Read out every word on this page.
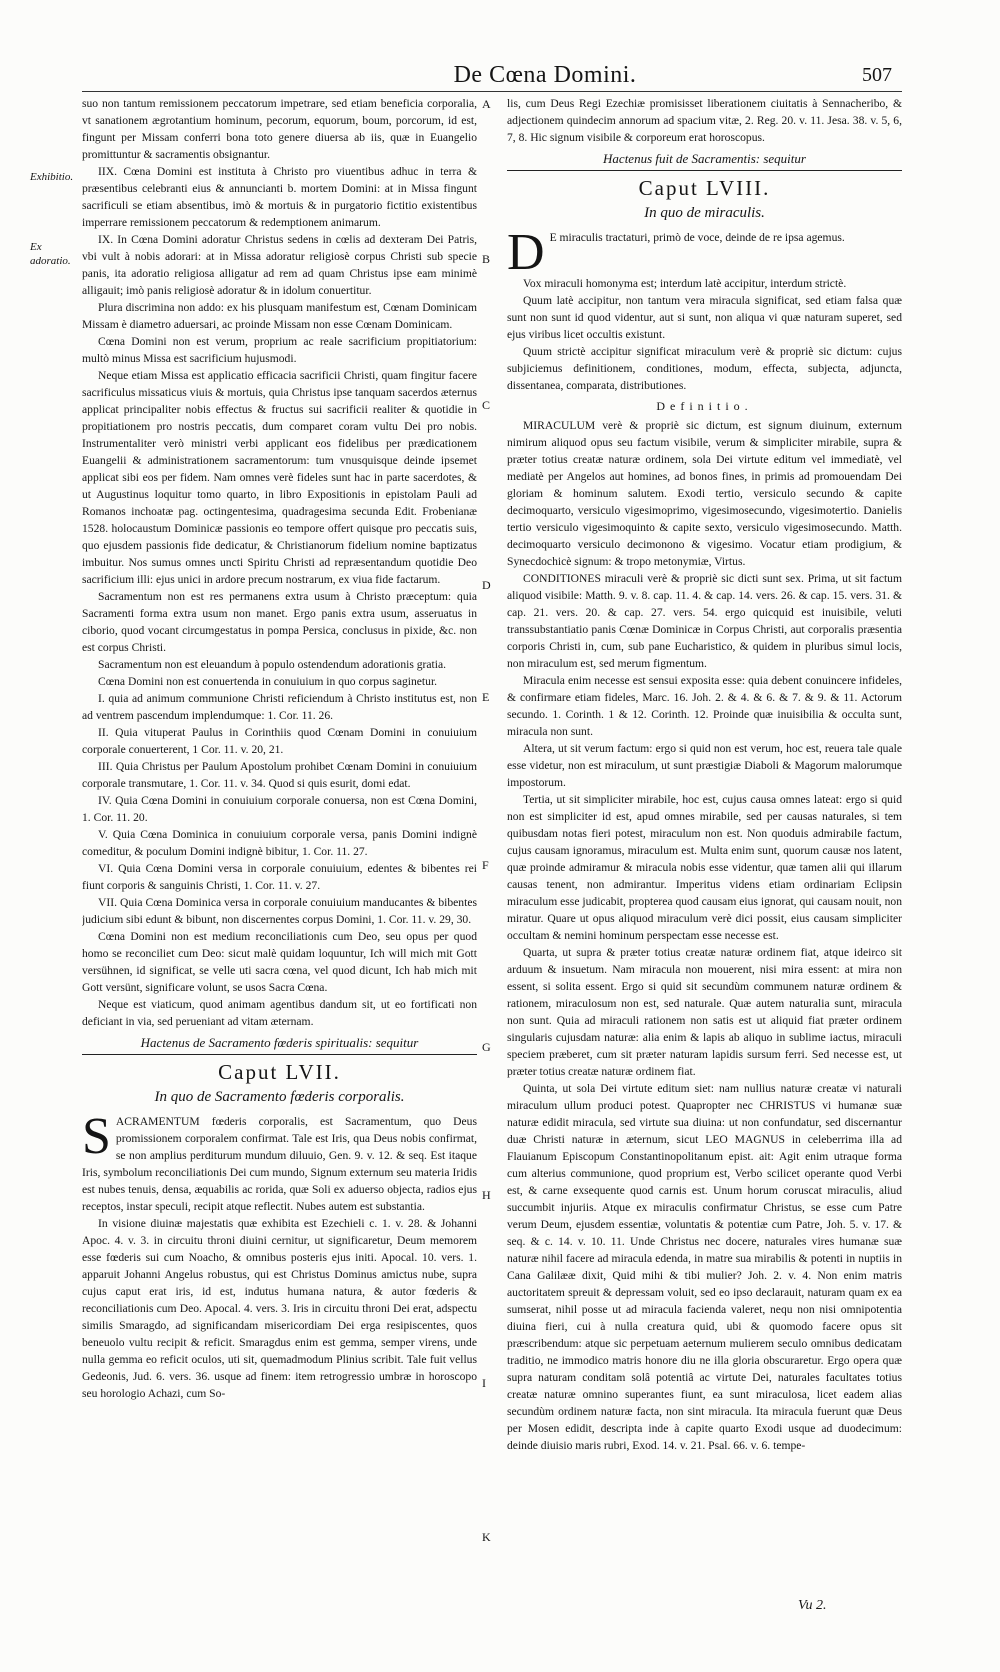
De Cœna Domini.	507
Exhibitio.
Ex adoratio.
A
B
C
D
E
F
G
H
I
K

suo non tantum remissionem peccatorum impetrare, sed etiam beneficia corporalia, vt sanationem ægrotantium hominum, pecorum, equorum, boum, porcorum, id est, fingunt per Missam conferri bona toto genere diuersa ab iis, quæ in Euangelio promittuntur & sacramentis obsignantur.

IIX. Cœna Domini est instituta à Christo pro viuentibus adhuc in terra & præsentibus celebranti eius & annuncianti b. mortem Domini: at in Missa fingunt sacrificuli se etiam absentibus, imò & mortuis & in purgatorio fictitio existentibus imperrare remissionem peccatorum & redemptionem animarum.

IX. In Cœna Domini adoratur Christus sedens in cœlis ad dexteram Dei Patris, vbi vult à nobis adorari: at in Missa adoratur religiosè corpus Christi sub specie panis, ita adoratio religiosa alligatur ad rem ad quam Christus ipse eam minimè alligauit; imò panis religiosè adoratur & in idolum conuertitur.

Plura discrimina non addo: ex his plusquam manifestum est, Cœnam Dominicam Missam è diametro aduersari, ac proinde Missam non esse Cœnam Dominicam.

Cœna Domini non est verum, proprium ac reale sacrificium propitiatorium: multò minus Missa est sacrificium hujusmodi.

Neque etiam Missa est applicatio efficacia sacrificii Christi, quam fingitur facere sacrificulus missaticus viuis & mortuis, quia Christus ipse tanquam sacerdos æternus applicat principaliter nobis effectus & fructus sui sacrificii realiter & quotidie in propitiationem pro nostris peccatis, dum comparet coram vultu Dei pro nobis. Instrumentaliter verò ministri verbi applicant eos fidelibus per prædicationem Euangelii & administrationem sacramentorum: tum vnusquisque deinde ipsemet applicat sibi eos per fidem. Nam omnes verè fideles sunt hac in parte sacerdotes, & ut Augustinus loquitur tomo quarto, in libro Expositionis in epistolam Pauli ad Romanos inchoatæ pag. octingentesima, quadragesima secunda Edit. Frobenianæ 1528. holocaustum Dominicæ passionis eo tempore offert quisque pro peccatis suis, quo ejusdem passionis fide dedicatur, & Christianorum fidelium nomine baptizatus imbuitur. Nos sumus omnes uncti Spiritu Christi ad repræsentandum quotidie Deo sacrificium illi: ejus unici in ardore precum nostrarum, ex viua fide factarum.

Sacramentum non est res permanens extra usum à Christo præceptum: quia Sacramenti forma extra usum non manet. Ergo panis extra usum, asseruatus in ciborio, quod vocant circumgestatus in pompa Persica, conclusus in pixide, &c. non est corpus Christi.

Sacramentum non est eleuandum à populo ostendendum adorationis gratia.

Cœna Domini non est conuertenda in conuiuium in quo corpus saginetur.

I. quia ad animum communione Christi reficiendum à Christo institutus est, non ad ventrem pascendum implendumque: 1. Cor. 11. 26.

II. Quia vituperat Paulus in Corinthiis quod Cœnam Domini in conuiuium corporale conuerterent, 1 Cor. 11. v. 20, 21.

III. Quia Christus per Paulum Apostolum prohibet Cœnam Domini in conuiuium corporale transmutare, 1. Cor. 11. v. 34. Quod si quis esurit, domi edat.

IV. Quia Cœna Domini in conuiuium corporale conuersa, non est Cœna Domini, 1. Cor. 11. 20.

V. Quia Cœna Dominica in conuiuium corporale versa, panis Domini indignè comeditur, & poculum Domini indignè bibitur, 1. Cor. 11. 27.

VI. Quia Cœna Domini versa in corporale conuiuium, edentes & bibentes rei fiunt corporis & sanguinis Christi, 1. Cor. 11. v. 27.

VII. Quia Cœna Dominica versa in corporale conuiuium manducantes & bibentes judicium sibi edunt & bibunt, non discernentes corpus Domini, 1. Cor. 11. v. 29, 30.

Cœna Domini non est medium reconciliationis cum Deo, seu opus per quod homo se reconciliet cum Deo: sicut malè quidam loquuntur, Ich will mich mit Gott versühnen, id significat, se velle uti sacra cœna, vel quod dicunt, Ich hab mich mit Gott versünt, significare volunt, se usos Sacra Cœna.

Neque est viaticum, quod animam agentibus dandum sit, ut eo fortificati non deficiant in via, sed perueniant ad vitam æternam.

Hactenus de Sacramento fœderis spiritualis: sequitur
Caput LVII.
In quo de Sacramento fœderis corporalis.

SACRAMENTUM fœderis corporalis, est Sacramentum, quo Deus promissionem corporalem confirmat. Tale est Iris, qua Deus nobis confirmat, se non amplius perditurum mundum diluuio, Gen. 9. v. 12. & seq. Est itaque Iris, symbolum reconciliationis Dei cum mundo, Signum externum seu materia Iridis est nubes tenuis, densa, æquabilis ac rorida, quæ Soli ex aduerso objecta, radios ejus receptos, instar speculi, recipit atque reflectit. Nubes autem est substantia.

In visione diuinæ majestatis quæ exhibita est Ezechieli c. 1. v. 28. & Johanni Apoc. 4. v. 3. in circuitu throni diuini cernitur, ut significaretur, Deum memorem esse fœderis sui cum Noacho, & omnibus posteris ejus initi. Apocal. 10. vers. 1. apparuit Johanni Angelus robustus, qui est Christus Dominus amictus nube, supra cujus caput erat iris, id est, indutus humana natura, & autor fœderis & reconciliationis cum Deo. Apocal. 4. vers. 3. Iris in circuitu throni Dei erat, adspectu similis Smaragdo, ad significandam misericordiam Dei erga resipiscentes, quos beneuolo vultu recipit & reficit. Smaragdus enim est gemma, semper virens, unde nulla gemma eo reficit oculos, uti sit, quemadmodum Plinius scribit. Tale fuit vellus Gedeonis, Jud. 6. vers. 36. usque ad finem: item retrogressio umbræ in horoscopo seu horologio Achazi, cum So-

lis, cum Deus Regi Ezechiæ promisisset liberationem ciuitatis à Sennacheribo, & adjectionem quindecim annorum ad spacium vitæ, 2. Reg. 20. v. 11. Jesa. 38. v. 5, 6, 7, 8. Hic signum visibile & corporeum erat horoscopus.

Hactenus fuit de Sacramentis: sequitur
Caput LVIII.
In quo de miraculis.

D E miraculis tractaturi, primò de voce, deinde de re ipsa agemus.

Vox miraculi homonyma est; interdum latè accipitur, interdum strictè.

Quum latè accipitur, non tantum vera miracula significat, sed etiam falsa quæ sunt non sunt id quod videntur, aut si sunt, non aliqua vi quæ naturam superet, sed ejus viribus licet occultis existunt.

Quum strictè accipitur significat miraculum verè & propriè sic dictum: cujus subjiciemus definitionem, conditiones, modum, effecta, subjecta, adjuncta, dissentanea, comparata, distributiones.

Definitio.

MIRACULUM verè & propriè sic dictum, est signum diuinum, externum nimirum aliquod opus seu factum visibile, verum & simpliciter mirabile, supra & præter totius creatæ naturæ ordinem, sola Dei virtute editum vel immediatè, vel mediatè per Angelos aut homines, ad bonos fines, in primis ad promouendam Dei gloriam & hominum salutem. Exodi tertio, versiculo secundo & capite decimoquarto, versiculo vigesimoprimo, vigesimosecundo, vigesimotertio. Danielis tertio versiculo vigesimoquinto & capite sexto, versiculo vigesimosecundo. Matth. decimoquarto versiculo decimonono & vigesimo. Vocatur etiam prodigium, & Synecdochicè signum: & tropo metonymiæ, Virtus.

CONDITIONES miraculi verè & propriè sic dicti sunt sex. Prima, ut sit factum aliquod visibile: Matth. 9. v. 8. cap. 11. 4. & cap. 14. vers. 26. & cap. 15. vers. 31. & cap. 21. vers. 20. & cap. 27. vers. 54. ergo quicquid est inuisibile, veluti transsubstantiatio panis Cœnæ Dominicæ in Corpus Christi, aut corporalis præsentia corporis Christi in, cum, sub pane Eucharistico, & quidem in pluribus simul locis, non miraculum est, sed merum figmentum.

Miracula enim necesse est sensui exposita esse: quia debent conuincere infideles, & confirmare etiam fideles, Marc. 16. Joh. 2. & 4. & 6. & 7. & 9. & 11. Actorum secundo. 1. Corinth. 1 & 12. Corinth. 12. Proinde quæ inuisibilia & occulta sunt, miracula non sunt.

Altera, ut sit verum factum: ergo si quid non est verum, hoc est, reuera tale quale esse videtur, non est miraculum, ut sunt præstigiæ Diaboli & Magorum malorumque impostorum.

Tertia, ut sit simpliciter mirabile, hoc est, cujus causa omnes lateat: ergo si quid non est simpliciter id est, apud omnes mirabile, sed per causas naturales, si tem quibusdam notas fieri potest, miraculum non est. Non quoduis admirabile factum, cujus causam ignoramus, miraculum est. Multa enim sunt, quorum causæ nos latent, quæ proinde admiramur & miracula nobis esse videntur, quæ tamen alii qui illarum causas tenent, non admirantur. Imperitus videns etiam ordinariam Eclipsin miraculum esse judicabit, propterea quod causam eius ignorat, qui causam nouit, non miratur. Quare ut opus aliquod miraculum verè dici possit, eius causam simpliciter occultam & nemini hominum perspectam esse necesse est.

Quarta, ut supra & præter totius creatæ naturæ ordinem fiat, atque ideirco sit arduum & insuetum. Nam miracula non mouerent, nisi mira essent: at mira non essent, si solita essent. Ergo si quid sit secundùm communem naturæ ordinem & rationem, miraculosum non est, sed naturale. Quæ autem naturalia sunt, miracula non sunt. Quia ad miraculi rationem non satis est ut aliquid fiat præter ordinem singularis cujusdam naturæ: alia enim & lapis ab aliquo in sublime iactus, miraculi speciem præberet, cum sit præter naturam lapidis sursum ferri. Sed necesse est, ut præter totius creatæ naturæ ordinem fiat.

Quinta, ut sola Dei virtute editum siet: nam nullius naturæ creatæ vi naturali miraculum ullum produci potest. Quapropter nec CHRISTUS vi humanæ suæ naturæ edidit miracula, sed virtute sua diuina: ut non confundatur, sed discernantur duæ Christi naturæ in æternum, sicut LEO MAGNUS in celeberrima illa ad Flauianum Episcopum Constantinopolitanum epist. ait: Agit enim utraque forma cum alterius communione, quod proprium est, Verbo scilicet operante quod Verbi est, & carne exsequente quod carnis est. Unum horum coruscat miraculis, aliud succumbit injuriis. Atque ex miraculis confirmatur Christus, se esse cum Patre verum Deum, ejusdem essentiæ, voluntatis & potentiæ cum Patre, Joh. 5. v. 17. & seq. & c. 14. v. 10. 11. Unde Christus nec docere, naturales vires humanæ suæ naturæ nihil facere ad miracula edenda, in matre sua mirabilis & potenti in nuptiis in Cana Galilææ dixit, Quid mihi & tibi mulier? Joh. 2. v. 4. Non enim matris auctoritatem spreuit & depressam voluit, sed eo ipso declarauit, naturam quam ex ea sumserat, nihil posse ut ad miracula facienda valeret, nequ non nisi omnipotentia diuina fieri, cui à nulla creatura quid, ubi & quomodo facere opus sit præscribendum: atque sic perpetuam aeternum mulierem seculo omnibus dedicatam traditio, ne immodico matris honore diu ne illa gloria obscuraretur. Ergo opera quæ supra naturam conditam solâ potentiâ ac virtute Dei, naturales facultates totius creatæ naturæ omnino superantes fiunt, ea sunt miraculosa, licet eadem alias secundùm ordinem naturæ facta, non sint miracula. Ita miracula fuerunt quæ Deus per Mosen edidit, descripta inde à capite quarto Exodi usque ad duodecimum: deinde diuisio maris rubri, Exod. 14. v. 21. Psal. 66. v. 6. tempe-

Vu 2.
